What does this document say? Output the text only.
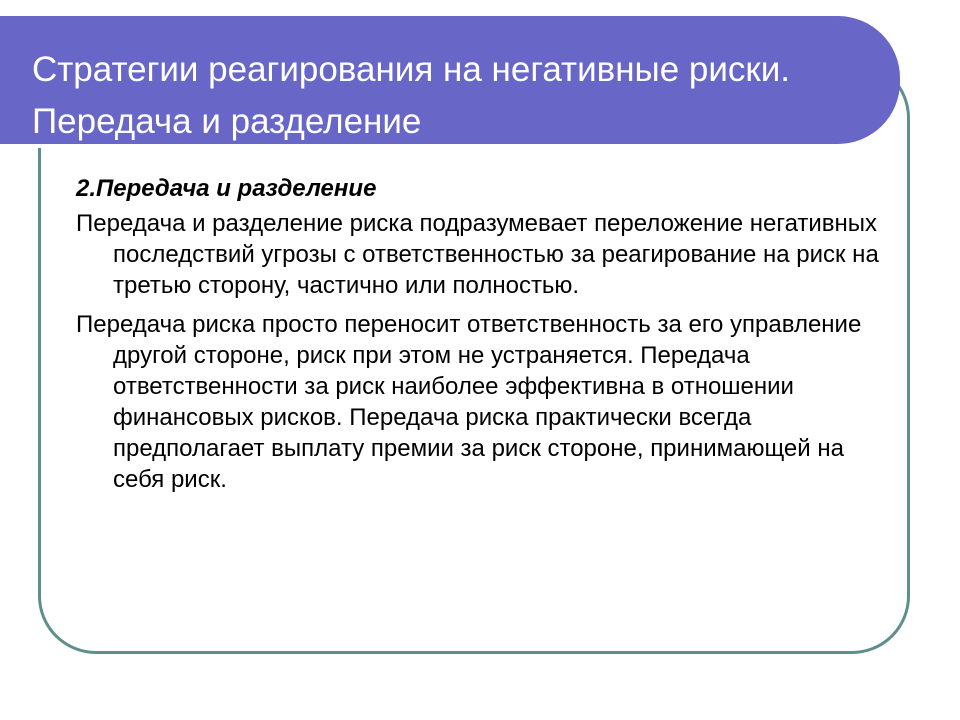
Стратегии реагирования на негативные риски. Передача и разделение

2.Передача и разделение

Передача и разделение риска подразумевает переложение негативных последствий угрозы с ответственностью за реагирование на риск на третью сторону, частично или полностью.

Передача риска просто переносит ответственность за его управление другой стороне, риск при этом не устраняется. Передача ответственности за риск наиболее эффективна в отношении финансовых рисков. Передача риска практически всегда предполагает выплату премии за риск стороне, принимающей на себя риск.
